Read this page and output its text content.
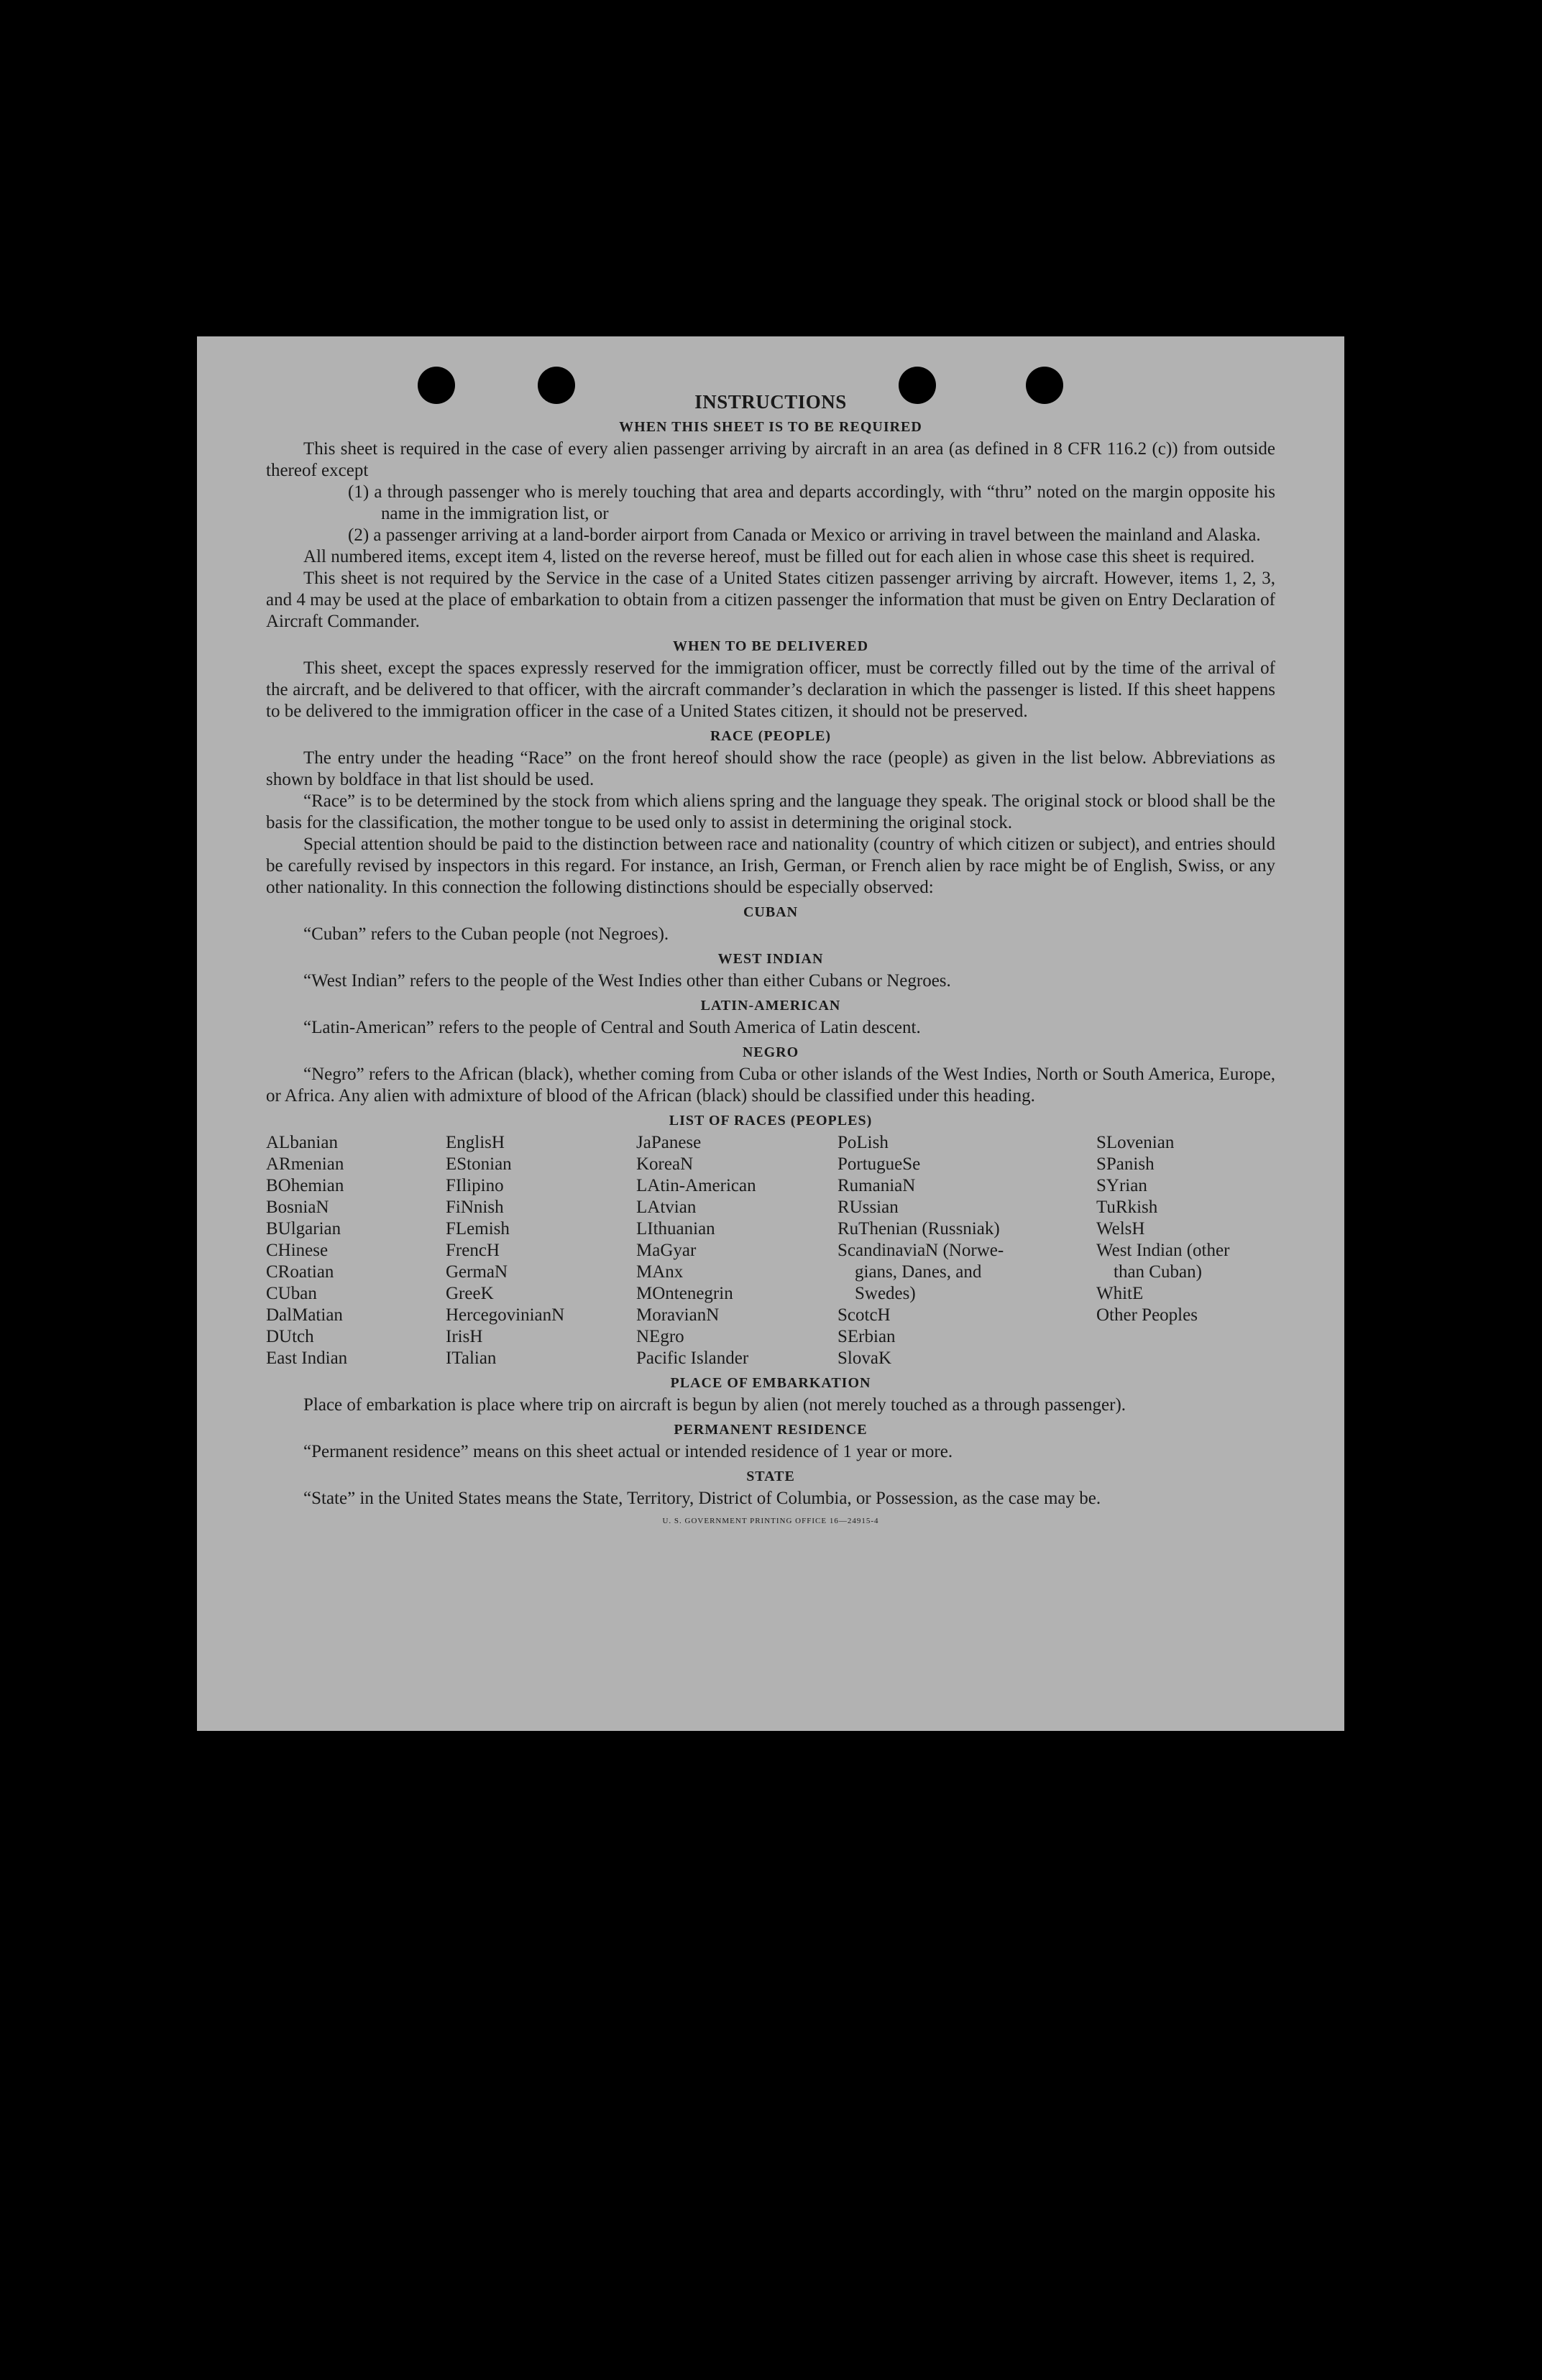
INSTRUCTIONS
WHEN THIS SHEET IS TO BE REQUIRED

This sheet is required in the case of every alien passenger arriving by aircraft in an area (as defined in 8 CFR 116.2 (c)) from outside thereof except

(1) a through passenger who is merely touching that area and departs accordingly, with “thru” noted on the margin opposite his name in the immigration list, or
(2) a passenger arriving at a land-border airport from Canada or Mexico or arriving in travel between the mainland and Alaska.

All numbered items, except item 4, listed on the reverse hereof, must be filled out for each alien in whose case this sheet is required.

This sheet is not required by the Service in the case of a United States citizen passenger arriving by aircraft. However, items 1, 2, 3, and 4 may be used at the place of embarkation to obtain from a citizen passenger the information that must be given on Entry Declaration of Aircraft Commander.

WHEN TO BE DELIVERED

This sheet, except the spaces expressly reserved for the immigration officer, must be correctly filled out by the time of the arrival of the aircraft, and be delivered to that officer, with the aircraft commander’s declaration in which the passenger is listed. If this sheet happens to be delivered to the immigration officer in the case of a United States citizen, it should not be preserved.

RACE (PEOPLE)

The entry under the heading “Race” on the front hereof should show the race (people) as given in the list below. Abbreviations as shown by boldface in that list should be used.

“Race” is to be determined by the stock from which aliens spring and the language they speak. The original stock or blood shall be the basis for the classification, the mother tongue to be used only to assist in determining the original stock.

Special attention should be paid to the distinction between race and nationality (country of which citizen or subject), and entries should be carefully revised by inspectors in this regard. For instance, an Irish, German, or French alien by race might be of English, Swiss, or any other nationality. In this connection the following distinctions should be especially observed:

CUBAN

“Cuban” refers to the Cuban people (not Negroes).

WEST INDIAN

“West Indian” refers to the people of the West Indies other than either Cubans or Negroes.

LATIN-AMERICAN

“Latin-American” refers to the people of Central and South America of Latin descent.

NEGRO

“Negro” refers to the African (black), whether coming from Cuba or other islands of the West Indies, North or South America, Europe, or Africa. Any alien with admixture of blood of the African (black) should be classified under this heading.

LIST OF RACES (PEOPLES)
ALbanian
ARmenian
BOhemian
BosniaN
BUlgarian
CHinese
CRoatian
CUban
DalMatian
DUtch
East Indian
EnglisH
EStonian
FIlipino
FiNnish
FLemish
FrencH
GermaN
GreeK
HercegovinianN
IrisH
ITalian
JaPanese
KoreaN
LAtin-American
LAtvian
LIthuanian
MaGyar
MAnx
MOntenegrin
MoravianN
NEgro
Pacific Islander
PoLish
PortugueSe
RumaniaN
RUssian
RuThenian (Russniak)
ScandinaviaN (Norwe-
gians, Danes, and
Swedes)
ScotcH
SErbian
SlovaK
SLovenian
SPanish
SYrian
TuRkish
WelsH
West Indian (other
than Cuban)
WhitE
Other Peoples
PLACE OF EMBARKATION

Place of embarkation is place where trip on aircraft is begun by alien (not merely touched as a through passenger).

PERMANENT RESIDENCE

“Permanent residence” means on this sheet actual or intended residence of 1 year or more.

STATE

“State” in the United States means the State, Territory, District of Columbia, or Possession, as the case may be.

U. S. GOVERNMENT PRINTING OFFICE 16—24915-4
